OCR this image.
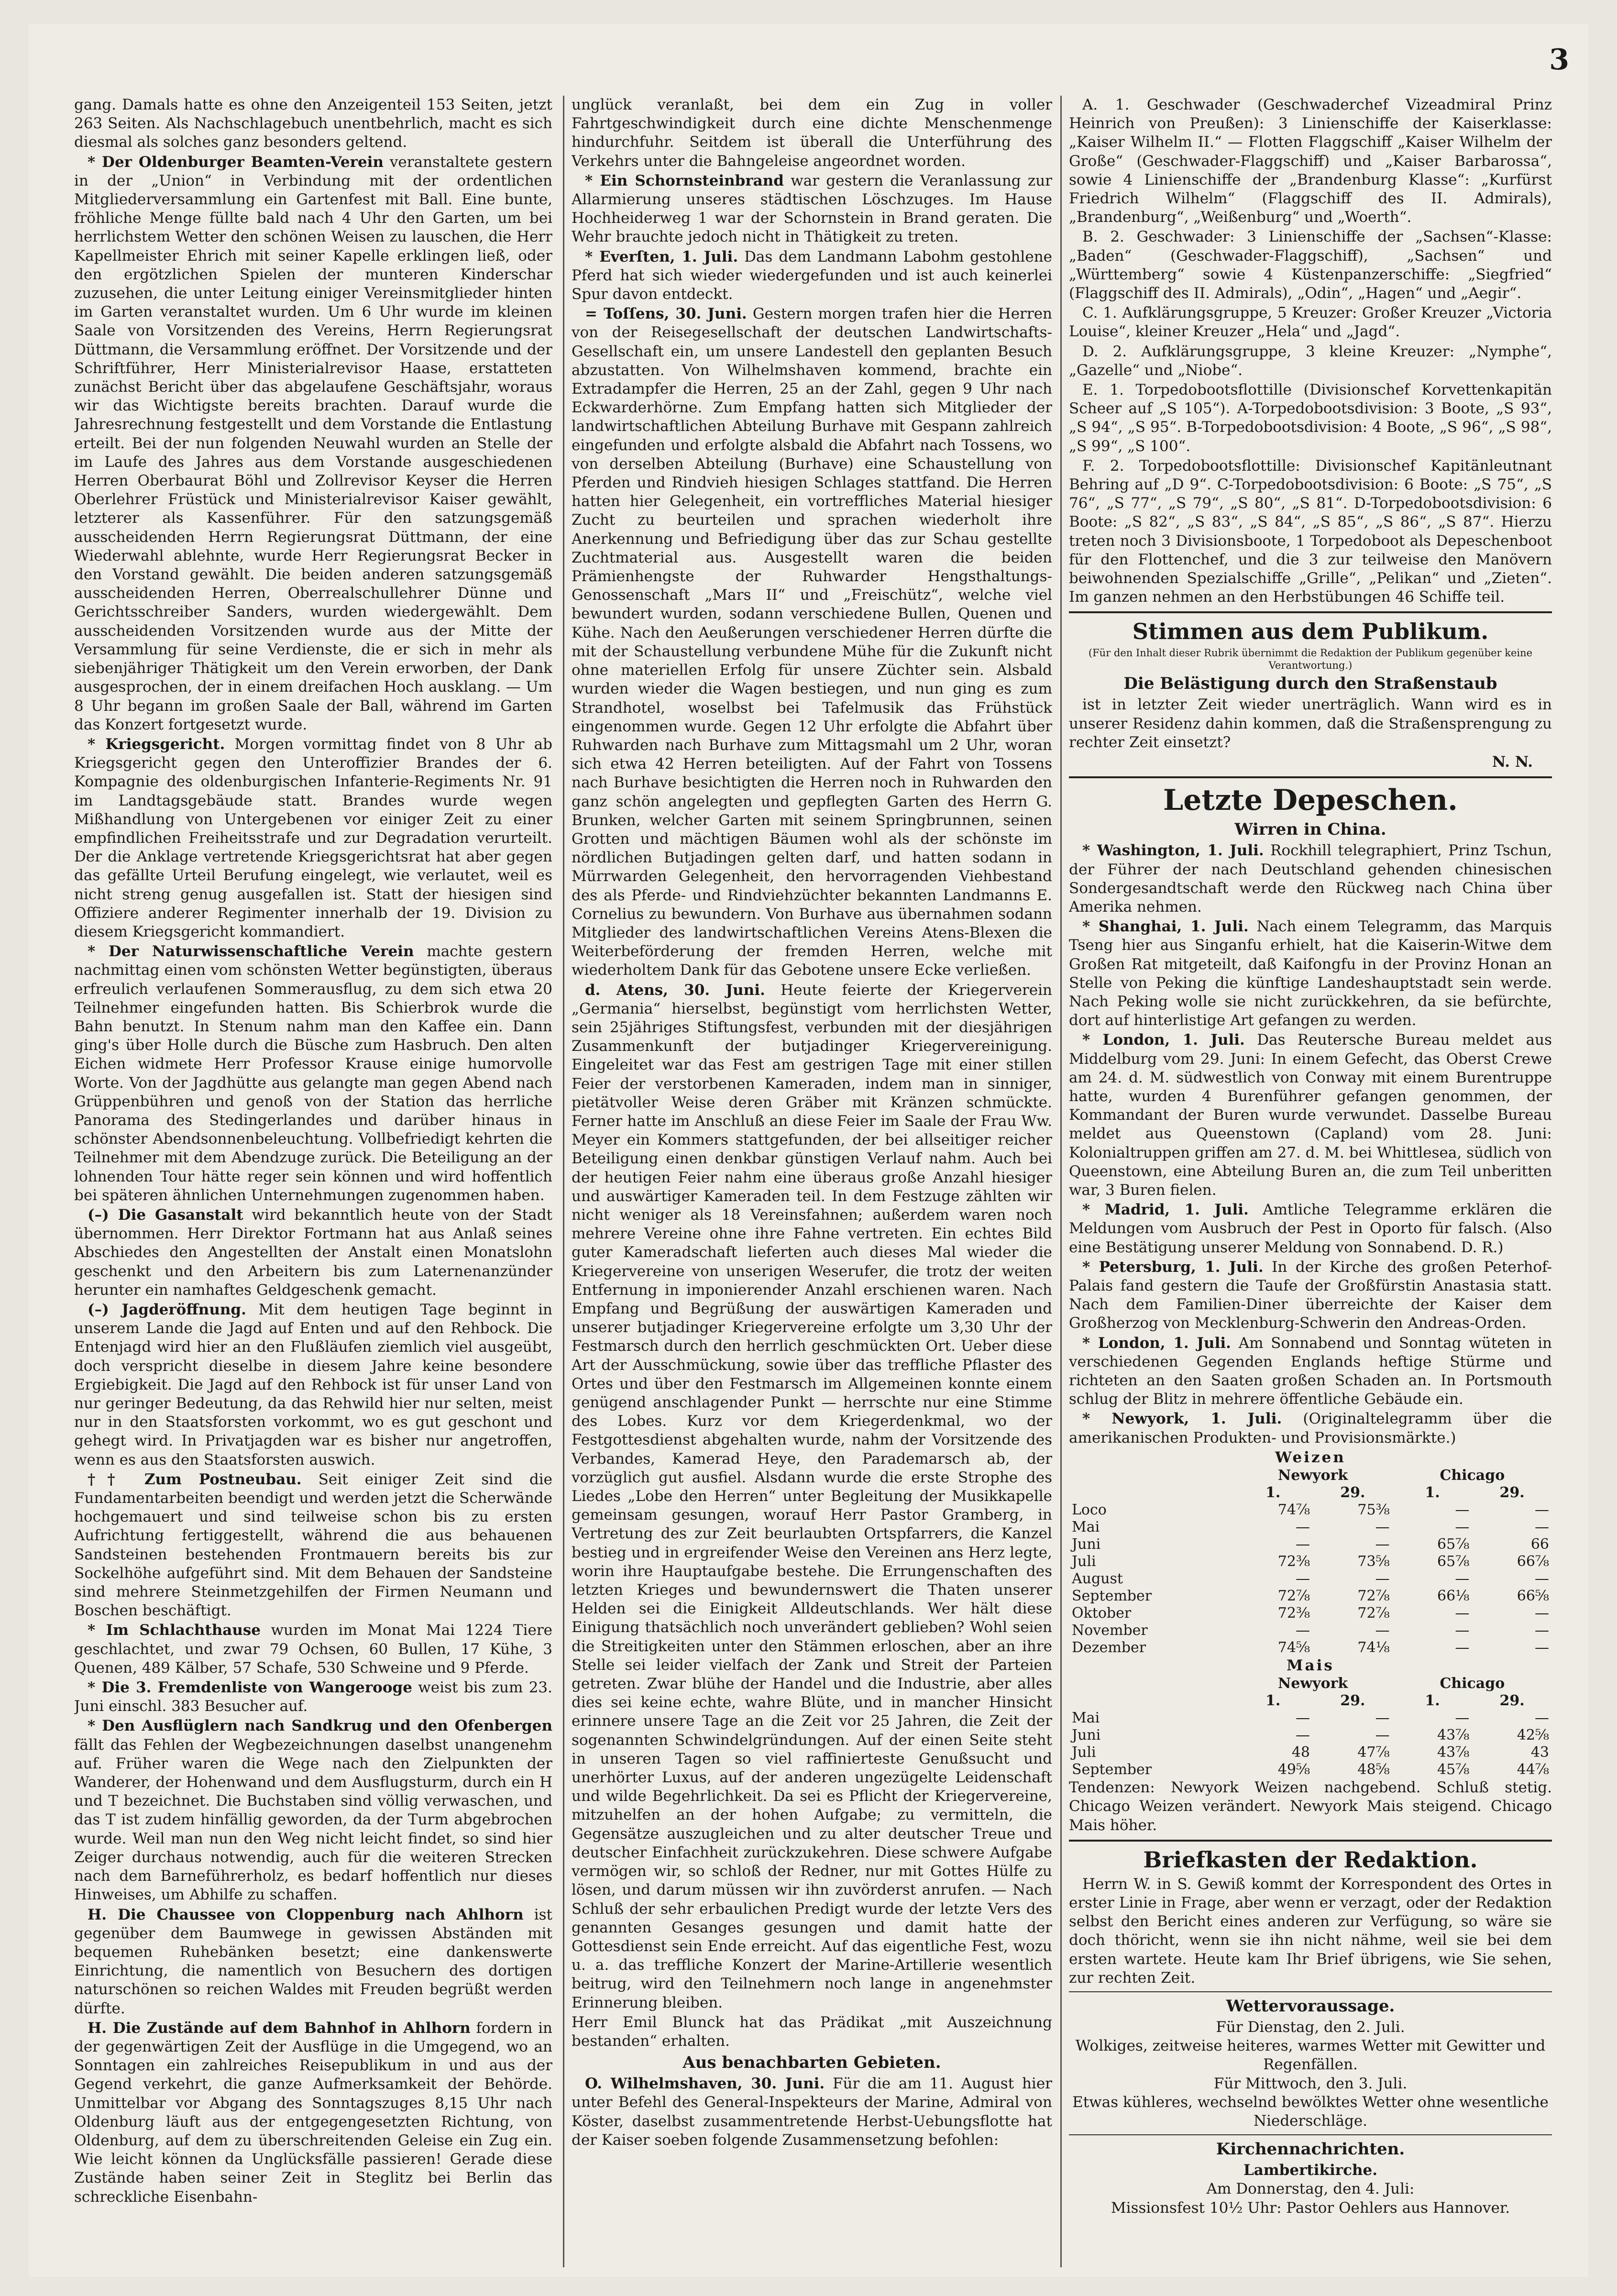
3

gang. Damals hatte es ohne den Anzeigenteil 153 Seiten, jetzt 263 Seiten. Als Nachschlagebuch unentbehrlich, macht es sich diesmal als solches ganz besonders geltend.

* Der Oldenburger Beamten-Verein veranstaltete gestern in der „Union“ in Verbindung mit der ordentlichen Mitgliederversammlung ein Gartenfest mit Ball. Eine bunte, fröhliche Menge füllte bald nach 4 Uhr den Garten, um bei herrlichstem Wetter den schönen Weisen zu lauschen, die Herr Kapellmeister Ehrich mit seiner Kapelle erklingen ließ, oder den ergötzlichen Spielen der munteren Kinderschar zuzusehen, die unter Leitung einiger Vereinsmitglieder hinten im Garten veranstaltet wurden. Um 6 Uhr wurde im kleinen Saale von Vorsitzenden des Vereins, Herrn Regierungsrat Düttmann, die Versammlung eröffnet. Der Vorsitzende und der Schriftführer, Herr Ministerialrevisor Haase, erstatteten zunächst Bericht über das abgelaufene Geschäftsjahr, woraus wir das Wichtigste bereits brachten. Darauf wurde die Jahresrechnung festgestellt und dem Vorstande die Entlastung erteilt. Bei der nun folgenden Neuwahl wurden an Stelle der im Laufe des Jahres aus dem Vorstande ausgeschiedenen Herren Oberbaurat Böhl und Zollrevisor Keyser die Herren Oberlehrer Früstück und Ministerialrevisor Kaiser gewählt, letzterer als Kassenführer. Für den satzungsgemäß ausscheidenden Herrn Regierungsrat Düttmann, der eine Wiederwahl ablehnte, wurde Herr Regierungsrat Becker in den Vorstand gewählt. Die beiden anderen satzungsgemäß ausscheidenden Herren, Oberrealschullehrer Dünne und Gerichtsschreiber Sanders, wurden wiedergewählt. Dem ausscheidenden Vorsitzenden wurde aus der Mitte der Versammlung für seine Verdienste, die er sich in mehr als siebenjähriger Thätigkeit um den Verein erworben, der Dank ausgesprochen, der in einem dreifachen Hoch ausklang. — Um 8 Uhr begann im großen Saale der Ball, während im Garten das Konzert fortgesetzt wurde.

* Kriegsgericht. Morgen vormittag findet von 8 Uhr ab Kriegsgericht gegen den Unteroffizier Brandes der 6. Kompagnie des oldenburgischen Infanterie-Regiments Nr. 91 im Landtagsgebäude statt. Brandes wurde wegen Mißhandlung von Untergebenen vor einiger Zeit zu einer empfindlichen Freiheitsstrafe und zur Degradation verurteilt. Der die Anklage vertretende Kriegsgerichtsrat hat aber gegen das gefällte Urteil Berufung eingelegt, wie verlautet, weil es nicht streng genug ausgefallen ist. Statt der hiesigen sind Offiziere anderer Regimenter innerhalb der 19. Division zu diesem Kriegsgericht kommandiert.

* Der Naturwissenschaftliche Verein machte gestern nachmittag einen vom schönsten Wetter begünstigten, überaus erfreulich verlaufenen Sommerausflug, zu dem sich etwa 20 Teilnehmer eingefunden hatten. Bis Schierbrok wurde die Bahn benutzt. In Stenum nahm man den Kaffee ein. Dann ging's über Holle durch die Büsche zum Hasbruch. Den alten Eichen widmete Herr Professor Krause einige humorvolle Worte. Von der Jagdhütte aus gelangte man gegen Abend nach Grüppenbühren und genoß von der Station das herrliche Panorama des Stedingerlandes und darüber hinaus in schönster Abendsonnenbeleuchtung. Vollbefriedigt kehrten die Teilnehmer mit dem Abendzuge zurück. Die Beteiligung an der lohnenden Tour hätte reger sein können und wird hoffentlich bei späteren ähnlichen Unternehmungen zugenommen haben.

(–) Die Gasanstalt wird bekanntlich heute von der Stadt übernommen. Herr Direktor Fortmann hat aus Anlaß seines Abschiedes den Angestellten der Anstalt einen Monatslohn geschenkt und den Arbeitern bis zum Laternenanzünder herunter ein namhaftes Geldgeschenk gemacht.

(–) Jagderöffnung. Mit dem heutigen Tage beginnt in unserem Lande die Jagd auf Enten und auf den Rehbock. Die Entenjagd wird hier an den Flußläufen ziemlich viel ausgeübt, doch verspricht dieselbe in diesem Jahre keine besondere Ergiebigkeit. Die Jagd auf den Rehbock ist für unser Land von nur geringer Bedeutung, da das Rehwild hier nur selten, meist nur in den Staatsforsten vorkommt, wo es gut geschont und gehegt wird. In Privatjagden war es bisher nur angetroffen, wenn es aus den Staatsforsten auswich.

†† Zum Postneubau. Seit einiger Zeit sind die Fundamentarbeiten beendigt und werden jetzt die Scherwände hochgemauert und sind teilweise schon bis zu ersten Aufrichtung fertiggestellt, während die aus behauenen Sandsteinen bestehenden Frontmauern bereits bis zur Sockelhöhe aufgeführt sind. Mit dem Behauen der Sandsteine sind mehrere Steinmetzgehilfen der Firmen Neumann und Boschen beschäftigt.

* Im Schlachthause wurden im Monat Mai 1224 Tiere geschlachtet, und zwar 79 Ochsen, 60 Bullen, 17 Kühe, 3 Quenen, 489 Kälber, 57 Schafe, 530 Schweine und 9 Pferde.

* Die 3. Fremdenliste von Wangerooge weist bis zum 23. Juni einschl. 383 Besucher auf.

* Den Ausflüglern nach Sandkrug und den Ofenbergen fällt das Fehlen der Wegbezeichnungen daselbst unangenehm auf. Früher waren die Wege nach den Zielpunkten der Wanderer, der Hohenwand und dem Ausflugsturm, durch ein H und T bezeichnet. Die Buchstaben sind völlig verwaschen, und das T ist zudem hinfällig geworden, da der Turm abgebrochen wurde. Weil man nun den Weg nicht leicht findet, so sind hier Zeiger durchaus notwendig, auch für die weiteren Strecken nach dem Barneführerholz, es bedarf hoffentlich nur dieses Hinweises, um Abhilfe zu schaffen.

H. Die Chaussee von Cloppenburg nach Ahlhorn ist gegenüber dem Baumwege in gewissen Abständen mit bequemen Ruhebänken besetzt; eine dankenswerte Einrichtung, die namentlich von Besuchern des dortigen naturschönen so reichen Waldes mit Freuden begrüßt werden dürfte.

H. Die Zustände auf dem Bahnhof in Ahlhorn fordern in der gegenwärtigen Zeit der Ausflüge in die Umgegend, wo an Sonntagen ein zahlreiches Reisepublikum in und aus der Gegend verkehrt, die ganze Aufmerksamkeit der Behörde. Unmittelbar vor Abgang des Sonntagszuges 8,15 Uhr nach Oldenburg läuft aus der entgegengesetzten Richtung, von Oldenburg, auf dem zu überschreitenden Geleise ein Zug ein. Wie leicht können da Unglücksfälle passieren! Gerade diese Zustände haben seiner Zeit in Steglitz bei Berlin das schreckliche Eisenbahn-

unglück veranlaßt, bei dem ein Zug in voller Fahrtgeschwindigkeit durch eine dichte Menschenmenge hindurchfuhr. Seitdem ist überall die Unterführung des Verkehrs unter die Bahngeleise angeordnet worden.

* Ein Schornsteinbrand war gestern die Veranlassung zur Allarmierung unseres städtischen Löschzuges. Im Hause Hochheiderweg 1 war der Schornstein in Brand geraten. Die Wehr brauchte jedoch nicht in Thätigkeit zu treten.

* Everſten, 1. Juli. Das dem Landmann Labohm gestohlene Pferd hat sich wieder wiedergefunden und ist auch keinerlei Spur davon entdeckt.

= Toſſens, 30. Juni. Gestern morgen trafen hier die Herren von der Reisegesellschaft der deutschen Landwirtschafts-Gesellschaft ein, um unsere Landestell den geplanten Besuch abzustatten. Von Wilhelmshaven kommend, brachte ein Extradampfer die Herren, 25 an der Zahl, gegen 9 Uhr nach Eckwarderhörne. Zum Empfang hatten sich Mitglieder der landwirtschaftlichen Abteilung Burhave mit Gespann zahlreich eingefunden und erfolgte alsbald die Abfahrt nach Tossens, wo von derselben Abteilung (Burhave) eine Schaustellung von Pferden und Rindvieh hiesigen Schlages stattfand. Die Herren hatten hier Gelegenheit, ein vortreffliches Material hiesiger Zucht zu beurteilen und sprachen wiederholt ihre Anerkennung und Befriedigung über das zur Schau gestellte Zuchtmaterial aus. Ausgestellt waren die beiden Prämienhengste der Ruhwarder Hengsthaltungs-Genossenschaft „Mars II“ und „Freischütz“, welche viel bewundert wurden, sodann verschiedene Bullen, Quenen und Kühe. Nach den Aeußerungen verschiedener Herren dürfte die mit der Schaustellung verbundene Mühe für die Zukunft nicht ohne materiellen Erfolg für unsere Züchter sein. Alsbald wurden wieder die Wagen bestiegen, und nun ging es zum Strandhotel, woselbst bei Tafelmusik das Frühstück eingenommen wurde. Gegen 12 Uhr erfolgte die Abfahrt über Ruhwarden nach Burhave zum Mittagsmahl um 2 Uhr, woran sich etwa 42 Herren beteiligten. Auf der Fahrt von Tossens nach Burhave besichtigten die Herren noch in Ruhwarden den ganz schön angelegten und gepflegten Garten des Herrn G. Brunken, welcher Garten mit seinem Springbrunnen, seinen Grotten und mächtigen Bäumen wohl als der schönste im nördlichen Butjadingen gelten darf, und hatten sodann in Mürrwarden Gelegenheit, den hervorragenden Viehbestand des als Pferde- und Rindviehzüchter bekannten Landmanns E. Cornelius zu bewundern. Von Burhave aus übernahmen sodann Mitglieder des landwirtschaftlichen Vereins Atens-Blexen die Weiterbeförderung der fremden Herren, welche mit wiederholtem Dank für das Gebotene unsere Ecke verließen.

d. Atens, 30. Juni. Heute feierte der Kriegerverein „Germania“ hierselbst, begünstigt vom herrlichsten Wetter, sein 25jähriges Stiftungsfest, verbunden mit der diesjährigen Zusammenkunft der butjadinger Kriegervereinigung. Eingeleitet war das Fest am gestrigen Tage mit einer stillen Feier der verstorbenen Kameraden, indem man in sinniger, pietätvoller Weise deren Gräber mit Kränzen schmückte. Ferner hatte im Anschluß an diese Feier im Saale der Frau Ww. Meyer ein Kommers stattgefunden, der bei allseitiger reicher Beteiligung einen denkbar günstigen Verlauf nahm. Auch bei der heutigen Feier nahm eine überaus große Anzahl hiesiger und auswärtiger Kameraden teil. In dem Festzuge zählten wir nicht weniger als 18 Vereinsfahnen; außerdem waren noch mehrere Vereine ohne ihre Fahne vertreten. Ein echtes Bild guter Kameradschaft lieferten auch dieses Mal wieder die Kriegervereine von unserigen Weserufer, die trotz der weiten Entfernung in imponierender Anzahl erschienen waren. Nach Empfang und Begrüßung der auswärtigen Kameraden und unserer butjadinger Kriegervereine erfolgte um 3,30 Uhr der Festmarsch durch den herrlich geschmückten Ort. Ueber diese Art der Ausschmückung, sowie über das treffliche Pflaster des Ortes und über den Festmarsch im Allgemeinen konnte einem genügend anschlagender Punkt — herrschte nur eine Stimme des Lobes. Kurz vor dem Kriegerdenkmal, wo der Festgottesdienst abgehalten wurde, nahm der Vorsitzende des Verbandes, Kamerad Heye, den Parademarsch ab, der vorzüglich gut ausfiel. Alsdann wurde die erste Strophe des Liedes „Lobe den Herren“ unter Begleitung der Musikkapelle gemeinsam gesungen, worauf Herr Pastor Gramberg, in Vertretung des zur Zeit beurlaubten Ortspfarrers, die Kanzel bestieg und in ergreifender Weise den Vereinen ans Herz legte, worin ihre Hauptaufgabe bestehe. Die Errungenschaften des letzten Krieges und bewundernswert die Thaten unserer Helden sei die Einigkeit Alldeutschlands. Wer hält diese Einigung thatsächlich noch unverändert geblieben? Wohl seien die Streitigkeiten unter den Stämmen erloschen, aber an ihre Stelle sei leider vielfach der Zank und Streit der Parteien getreten. Zwar blühe der Handel und die Industrie, aber alles dies sei keine echte, wahre Blüte, und in mancher Hinsicht erinnere unsere Tage an die Zeit vor 25 Jahren, die Zeit der sogenannten Schwindelgründungen. Auf der einen Seite steht in unseren Tagen so viel raffinierteste Genußsucht und unerhörter Luxus, auf der anderen ungezügelte Leidenschaft und wilde Begehrlichkeit. Da sei es Pflicht der Kriegervereine, mitzuhelfen an der hohen Aufgabe; zu vermitteln, die Gegensätze auszugleichen und zu alter deutscher Treue und deutscher Einfachheit zurückzukehren. Diese schwere Aufgabe vermögen wir, so schloß der Redner, nur mit Gottes Hülfe zu lösen, und darum müssen wir ihn zuvörderst anrufen. — Nach Schluß der sehr erbaulichen Predigt wurde der letzte Vers des genannten Gesanges gesungen und damit hatte der Gottesdienst sein Ende erreicht. Auf das eigentliche Fest, wozu u. a. das treffliche Konzert der Marine-Artillerie wesentlich beitrug, wird den Teilnehmern noch lange in angenehmster Erinnerung bleiben.

Herr Emil Blunck hat das Prädikat „mit Auszeichnung bestanden“ erhalten.

Aus benachbarten Gebieten.

O. Wilhelmshaven, 30. Juni. Für die am 11. August hier unter Befehl des General-Inspekteurs der Marine, Admiral von Köster, daselbst zusammentretende Herbst-Uebungsflotte hat der Kaiser soeben folgende Zusammensetzung befohlen:

A. 1. Geschwader (Geschwaderchef Vizeadmiral Prinz Heinrich von Preußen): 3 Linienschiffe der Kaiserklasse: „Kaiser Wilhelm II.“ — Flotten Flaggschiff „Kaiser Wilhelm der Große“ (Geschwader-Flaggschiff) und „Kaiser Barbarossa“, sowie 4 Linienschiffe der „Brandenburg Klasse“: „Kurfürst Friedrich Wilhelm“ (Flaggschiff des II. Admirals), „Brandenburg“, „Weißenburg“ und „Woerth“.

B. 2. Geschwader: 3 Linienschiffe der „Sachsen“-Klasse: „Baden“ (Geschwader-Flaggschiff), „Sachsen“ und „Württemberg“ sowie 4 Küstenpanzerschiffe: „Siegfried“ (Flaggschiff des II. Admirals), „Odin“, „Hagen“ und „Aegir“.

C. 1. Aufklärungsgruppe, 5 Kreuzer: Großer Kreuzer „Victoria Louise“, kleiner Kreuzer „Hela“ und „Jagd“.

D. 2. Aufklärungsgruppe, 3 kleine Kreuzer: „Nymphe“, „Gazelle“ und „Niobe“.

E. 1. Torpedobootsflottille (Divisionschef Korvettenkapitän Scheer auf „S 105“). A-Torpedobootsdivision: 3 Boote, „S 93“, „S 94“, „S 95“. B-Torpedobootsdivision: 4 Boote, „S 96“, „S 98“, „S 99“, „S 100“.

F. 2. Torpedobootsflottille: Divisionschef Kapitänleutnant Behring auf „D 9“. C-Torpedobootsdivision: 6 Boote: „S 75“, „S 76“, „S 77“, „S 79“, „S 80“, „S 81“. D-Torpedobootsdivision: 6 Boote: „S 82“, „S 83“, „S 84“, „S 85“, „S 86“, „S 87“. Hierzu treten noch 3 Divisionsboote, 1 Torpedoboot als Depeschenboot für den Flottenchef, und die 3 zur teilweise den Manövern beiwohnenden Spezialschiffe „Grille“, „Pelikan“ und „Zieten“. Im ganzen nehmen an den Herbstübungen 46 Schiffe teil.

Stimmen aus dem Publikum.
(Für den Inhalt dieser Rubrik übernimmt die Redaktion der Publikum gegenüber keine Verantwortung.)
Die Belästigung durch den Straßenstaub

ist in letzter Zeit wieder unerträglich. Wann wird es in unserer Residenz dahin kommen, daß die Straßensprengung zu rechter Zeit einsetzt?

N. N.
Letzte Depeschen.
Wirren in China.

* Washington, 1. Juli. Rockhill telegraphiert, Prinz Tschun, der Führer der nach Deutschland gehenden chinesischen Sondergesandtschaft werde den Rückweg nach China über Amerika nehmen.

* Shanghai, 1. Juli. Nach einem Telegramm, das Marquis Tseng hier aus Singanfu erhielt, hat die Kaiserin-Witwe dem Großen Rat mitgeteilt, daß Kaifongfu in der Provinz Honan an Stelle von Peking die künftige Landeshauptstadt sein werde. Nach Peking wolle sie nicht zurückkehren, da sie befürchte, dort auf hinterlistige Art gefangen zu werden.

* London, 1. Juli. Das Reutersche Bureau meldet aus Middelburg vom 29. Juni: In einem Gefecht, das Oberst Crewe am 24. d. M. südwestlich von Conway mit einem Burentruppe hatte, wurden 4 Burenführer gefangen genommen, der Kommandant der Buren wurde verwundet. Dasselbe Bureau meldet aus Queenstown (Capland) vom 28. Juni: Kolonialtruppen griffen am 27. d. M. bei Whittlesea, südlich von Queenstown, eine Abteilung Buren an, die zum Teil unberitten war, 3 Buren fielen.

* Madrid, 1. Juli. Amtliche Telegramme erklären die Meldungen vom Ausbruch der Pest in Oporto für falsch. (Also eine Bestätigung unserer Meldung von Sonnabend. D. R.)

* Petersburg, 1. Juli. In der Kirche des großen Peterhof-Palais fand gestern die Taufe der Großfürstin Anastasia statt. Nach dem Familien-Diner überreichte der Kaiser dem Großherzog von Mecklenburg-Schwerin den Andreas-Orden.

* London, 1. Juli. Am Sonnabend und Sonntag wüteten in verschiedenen Gegenden Englands heftige Stürme und richteten an den Saaten großen Schaden an. In Portsmouth schlug der Blitz in mehrere öffentliche Gebäude ein.

* Newyork, 1. Juli. (Originaltelegramm über die amerikanischen Produkten- und Provisionsmärkte.)

Weizen
	Newyork		Chicago	
	1.	29.	1.	29.
Loco	74⅞	75⅜	—	—
Mai	—	—	—	—
Juni	—	—	65⅞	66
Juli	72⅜	73⅝	65⅞	66⅞
August	—	—	—	—
September	72⅞	72⅞	66⅛	66⅝
Oktober	72⅜	72⅞	—	—
November	—	—	—	—
Dezember	74⅝	74⅛	—	—
Mais
	Newyork		Chicago	
	1.	29.	1.	29.
Mai	—	—	—	—
Juni	—	—	43⅞	42⅝
Juli	48	47⅞	43⅞	43
September	49⅝	48⅝	45⅞	44⅞

Tendenzen: Newyork Weizen nachgebend. Schluß stetig. Chicago Weizen verändert. Newyork Mais steigend. Chicago Mais höher.

Briefkasten der Redaktion.

Herrn W. in S. Gewiß kommt der Korrespondent des Ortes in erster Linie in Frage, aber wenn er verzagt, oder der Redaktion selbst den Bericht eines anderen zur Verfügung, so wäre sie doch thöricht, wenn sie ihn nicht nähme, weil sie bei dem ersten wartete. Heute kam Ihr Brief übrigens, wie Sie sehen, zur rechten Zeit.

Wettervoraussage.
Für Dienstag, den 2. Juli.
Wolkiges, zeitweise heiteres, warmes Wetter mit Gewitter und Regenfällen.
Für Mittwoch, den 3. Juli.
Etwas kühleres, wechselnd bewölktes Wetter ohne wesentliche Niederschläge.
Kirchennachrichten.
Lambertikirche.
Am Donnerstag, den 4. Juli:
Missionsfest 10½ Uhr: Pastor Oehlers aus Hannover.
